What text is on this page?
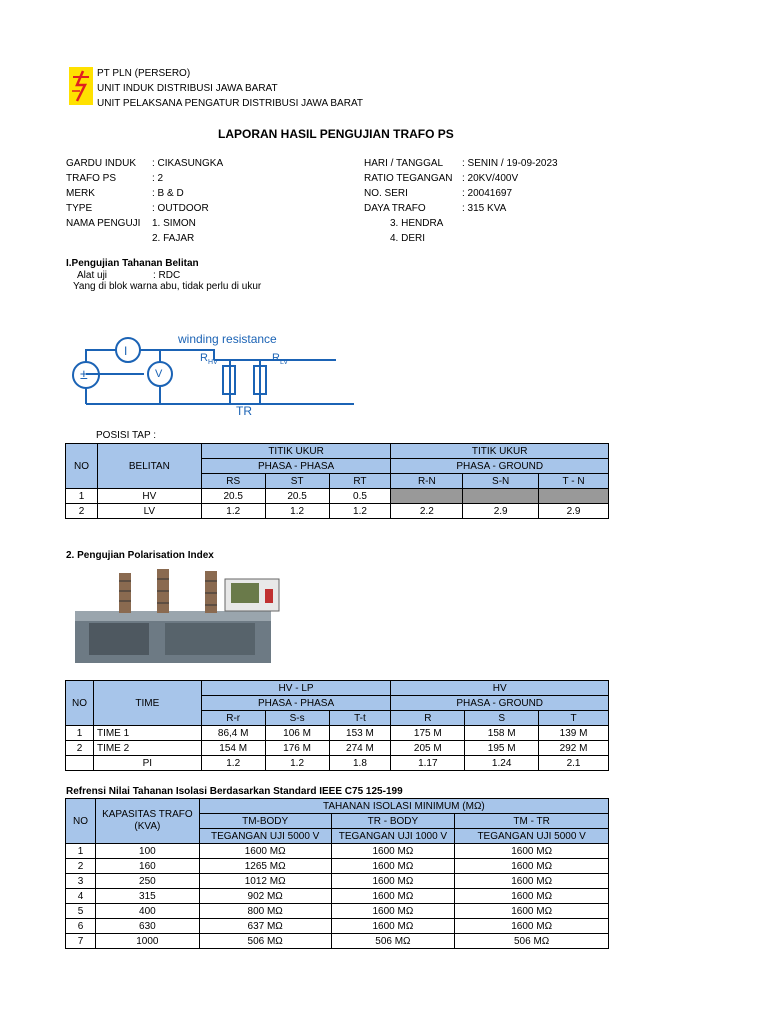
PT PLN (PERSERO)
UNIT INDUK DISTRIBUSI JAWA BARAT
UNIT PELAKSANA PENGATUR DISTRIBUSI JAWA BARAT
LAPORAN HASIL PENGUJIAN TRAFO PS
GARDU INDUK : CIKASUNGKA
TRAFO PS	: 2
MERK	: B & D
TYPE	: OUTDOOR
NAMA PENGUJI 1. SIMON
2. FAJAR
HARI / TANGGAL : SENIN / 19-09-2023
RATIO TEGANGAN : 20KV/400V
NO. SERI	: 20041697
DAYA TRAFO	: 315 KVA
3. HENDRA
4. DERI
I.Pengujian Tahanan Belitan
Alat uji	: RDC
Yang di blok warna abu, tidak perlu di ukur
winding resistance
I
V
±
$R_{HV}$	$R_{LV}$
TR
POSISI TAP :
NO	BELITAN	TITIK UKUR			TITIK UKUR		
		PHASA - PHASA			PHASA - GROUND		
		RS	ST	RT	R-N	S-N	T - N
1	HV	20.5	20.5	0.5			
2	LV	1.2	1.2	1.2	2.2	2.9	2.9
2. Pengujian Polarisation Index
NO	TIME	HV - LP			HV		
		PHASA - PHASA			PHASA - GROUND		
		R-r	S-s	T-t	R	S	T
1	TIME 1	86,4 M	106 M	153 M	175 M	158 M	139 M
2	TIME 2	154 M	176 M	274 M	205 M	195 M	292 M
	PI	1.2	1.2	1.8	1.17	1.24	2.1
Refrensi Nilai Tahanan Isolasi Berdasarkan Standard IEEE C75 125-199
NO	KAPASITAS TRAFO (KVA)	TAHANAN ISOLASI MINIMUM (MΩ)		
		TM-BODY	TR - BODY	TM - TR
		TEGANGAN UJI 5000 V	TEGANGAN UJI 1000 V	TEGANGAN UJI 5000 V
1	100	1600 MΩ	1600 MΩ	1600 MΩ
2	160	1265 MΩ	1600 MΩ	1600 MΩ
3	250	1012 MΩ	1600 MΩ	1600 MΩ
4	315	902 MΩ	1600 MΩ	1600 MΩ
5	400	800 MΩ	1600 MΩ	1600 MΩ
6	630	637 MΩ	1600 MΩ	1600 MΩ
7	1000	506 MΩ	506 MΩ	506 MΩ
